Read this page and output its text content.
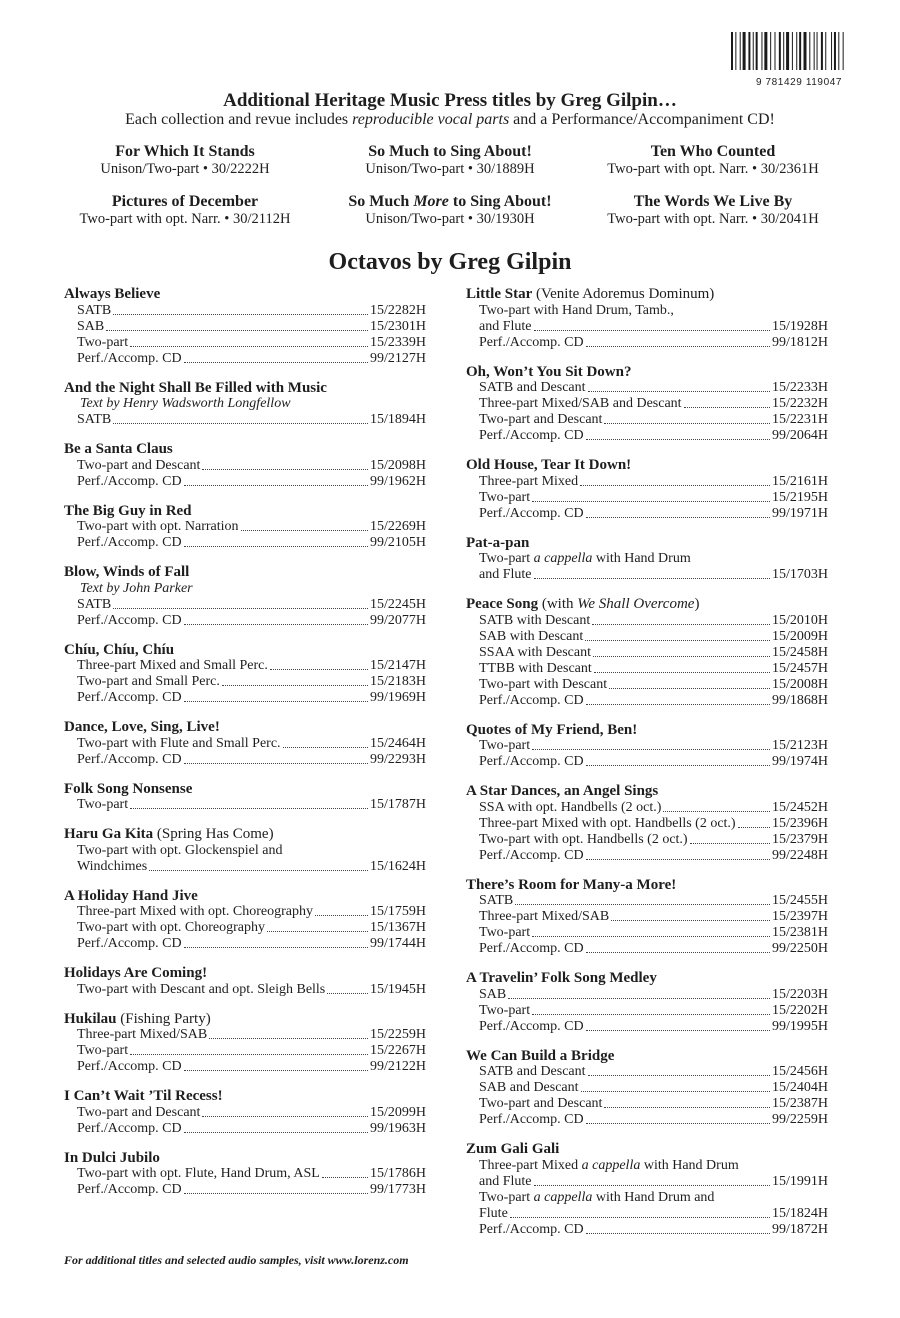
9 781429 119047
Additional Heritage Music Press titles by Greg Gilpin…
Each collection and revue includes reproducible vocal parts and a Performance/Accompaniment CD!
For Which It Stands
Unison/Two-part • 30/2222H
So Much to Sing About!
Unison/Two-part • 30/1889H
Ten Who Counted
Two-part with opt. Narr. • 30/2361H
Pictures of December
Two-part with opt. Narr. • 30/2112H
So Much More to Sing About!
Unison/Two-part • 30/1930H
The Words We Live By
Two-part with opt. Narr. • 30/2041H
Octavos by Greg Gilpin
Always Believe
SATB	15/2282H
SAB	15/2301H
Two-part	15/2339H
Perf./Accomp. CD	99/2127H
And the Night Shall Be Filled with Music
Text by Henry Wadsworth Longfellow
SATB	15/1894H
Be a Santa Claus
Two-part and Descant	15/2098H
Perf./Accomp. CD	99/1962H
The Big Guy in Red
Two-part with opt. Narration	15/2269H
Perf./Accomp. CD	99/2105H
Blow, Winds of Fall
Text by John Parker
SATB	15/2245H
Perf./Accomp. CD	99/2077H
Chíu, Chíu, Chíu
Three-part Mixed and Small Perc.	15/2147H
Two-part and Small Perc.	15/2183H
Perf./Accomp. CD	99/1969H
Dance, Love, Sing, Live!
Two-part with Flute and Small Perc.	15/2464H
Perf./Accomp. CD	99/2293H
Folk Song Nonsense
Two-part	15/1787H
Haru Ga Kita (Spring Has Come)
Two-part with opt. Glockenspiel and
Windchimes	15/1624H
A Holiday Hand Jive
Three-part Mixed with opt. Choreography	15/1759H
Two-part with opt. Choreography	15/1367H
Perf./Accomp. CD	99/1744H
Holidays Are Coming!
Two-part with Descant and opt. Sleigh Bells	15/1945H
Hukilau (Fishing Party)
Three-part Mixed/SAB	15/2259H
Two-part	15/2267H
Perf./Accomp. CD	99/2122H
I Can’t Wait ’Til Recess!
Two-part and Descant	15/2099H
Perf./Accomp. CD	99/1963H
In Dulci Jubilo
Two-part with opt. Flute, Hand Drum, ASL	15/1786H
Perf./Accomp. CD	99/1773H
Little Star (Venite Adoremus Dominum)
Two-part with Hand Drum, Tamb.,
and Flute	15/1928H
Perf./Accomp. CD	99/1812H
Oh, Won’t You Sit Down?
SATB and Descant	15/2233H
Three-part Mixed/SAB and Descant	15/2232H
Two-part and Descant	15/2231H
Perf./Accomp. CD	99/2064H
Old House, Tear It Down!
Three-part Mixed	15/2161H
Two-part	15/2195H
Perf./Accomp. CD	99/1971H
Pat-a-pan
Two-part a cappella with Hand Drum
and Flute	15/1703H
Peace Song (with We Shall Overcome)
SATB with Descant	15/2010H
SAB with Descant	15/2009H
SSAA with Descant	15/2458H
TTBB with Descant	15/2457H
Two-part with Descant	15/2008H
Perf./Accomp. CD	99/1868H
Quotes of My Friend, Ben!
Two-part	15/2123H
Perf./Accomp. CD	99/1974H
A Star Dances, an Angel Sings
SSA with opt. Handbells (2 oct.)	15/2452H
Three-part Mixed with opt. Handbells (2 oct.)	15/2396H
Two-part with opt. Handbells (2 oct.)	15/2379H
Perf./Accomp. CD	99/2248H
There’s Room for Many-a More!
SATB	15/2455H
Three-part Mixed/SAB	15/2397H
Two-part	15/2381H
Perf./Accomp. CD	99/2250H
A Travelin’ Folk Song Medley
SAB	15/2203H
Two-part	15/2202H
Perf./Accomp. CD	99/1995H
We Can Build a Bridge
SATB and Descant	15/2456H
SAB and Descant	15/2404H
Two-part and Descant	15/2387H
Perf./Accomp. CD	99/2259H
Zum Gali Gali
Three-part Mixed a cappella with Hand Drum
and Flute	15/1991H
Two-part a cappella with Hand Drum and
Flute	15/1824H
Perf./Accomp. CD	99/1872H
For additional titles and selected audio samples, visit www.lorenz.com
